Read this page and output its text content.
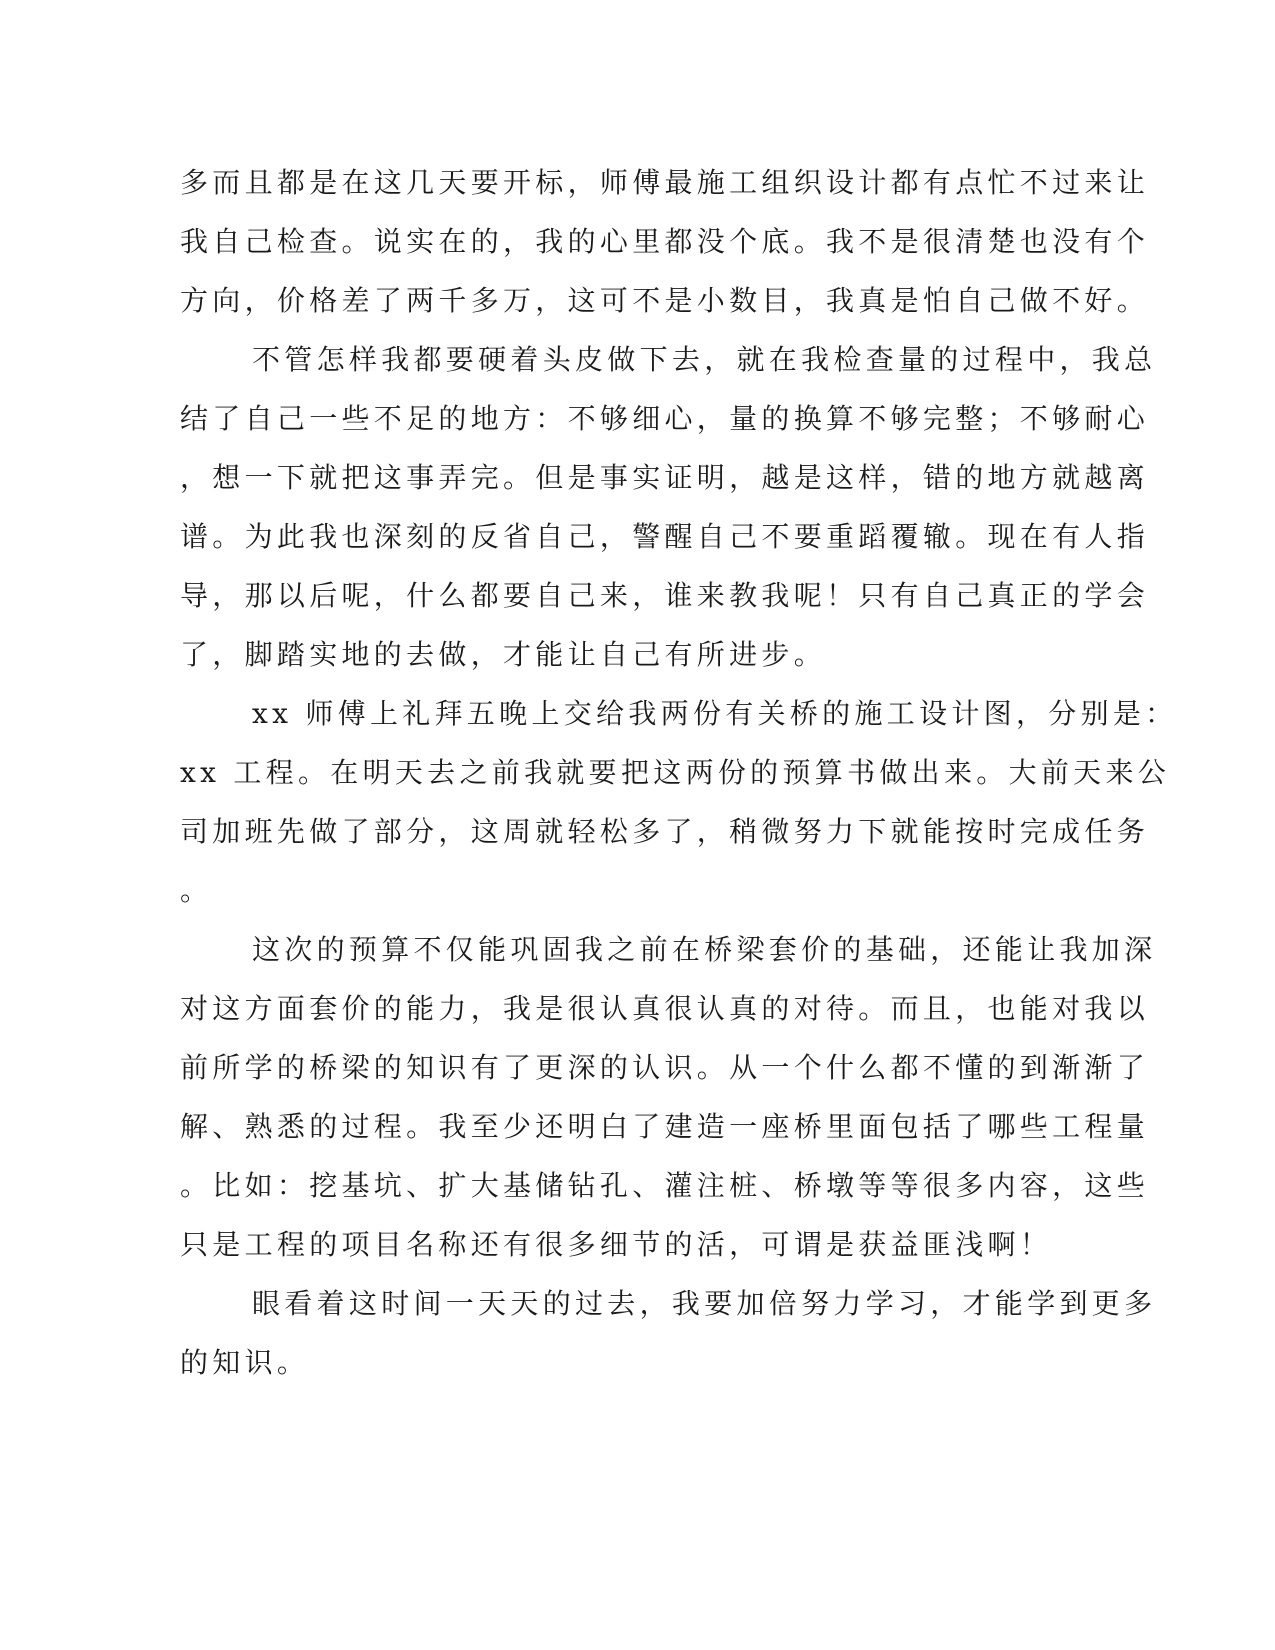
多而且都是在这几天要开标，师傅最施工组织设计都有点忙不过来让
我自己检查。说实在的，我的心里都没个底。我不是很清楚也没有个
方向，价格差了两千多万，这可不是小数目，我真是怕自己做不好。
不管怎样我都要硬着头皮做下去，就在我检查量的过程中，我总
结了自己一些不足的地方：不够细心，量的换算不够完整；不够耐心
，想一下就把这事弄完。但是事实证明，越是这样，错的地方就越离
谱。为此我也深刻的反省自己，警醒自己不要重蹈覆辙。现在有人指
导，那以后呢，什么都要自己来，谁来教我呢！只有自己真正的学会
了，脚踏实地的去做，才能让自己有所进步。
xx 师傅上礼拜五晚上交给我两份有关桥的施工设计图，分别是：
xx 工程。在明天去之前我就要把这两份的预算书做出来。大前天来公
司加班先做了部分，这周就轻松多了，稍微努力下就能按时完成任务
。
这次的预算不仅能巩固我之前在桥梁套价的基础，还能让我加深
对这方面套价的能力，我是很认真很认真的对待。而且，也能对我以
前所学的桥梁的知识有了更深的认识。从一个什么都不懂的到渐渐了
解、熟悉的过程。我至少还明白了建造一座桥里面包括了哪些工程量
。比如：挖基坑、扩大基储钻孔、灌注桩、桥墩等等很多内容，这些
只是工程的项目名称还有很多细节的活，可谓是获益匪浅啊！
眼看着这时间一天天的过去，我要加倍努力学习，才能学到更多
的知识。
